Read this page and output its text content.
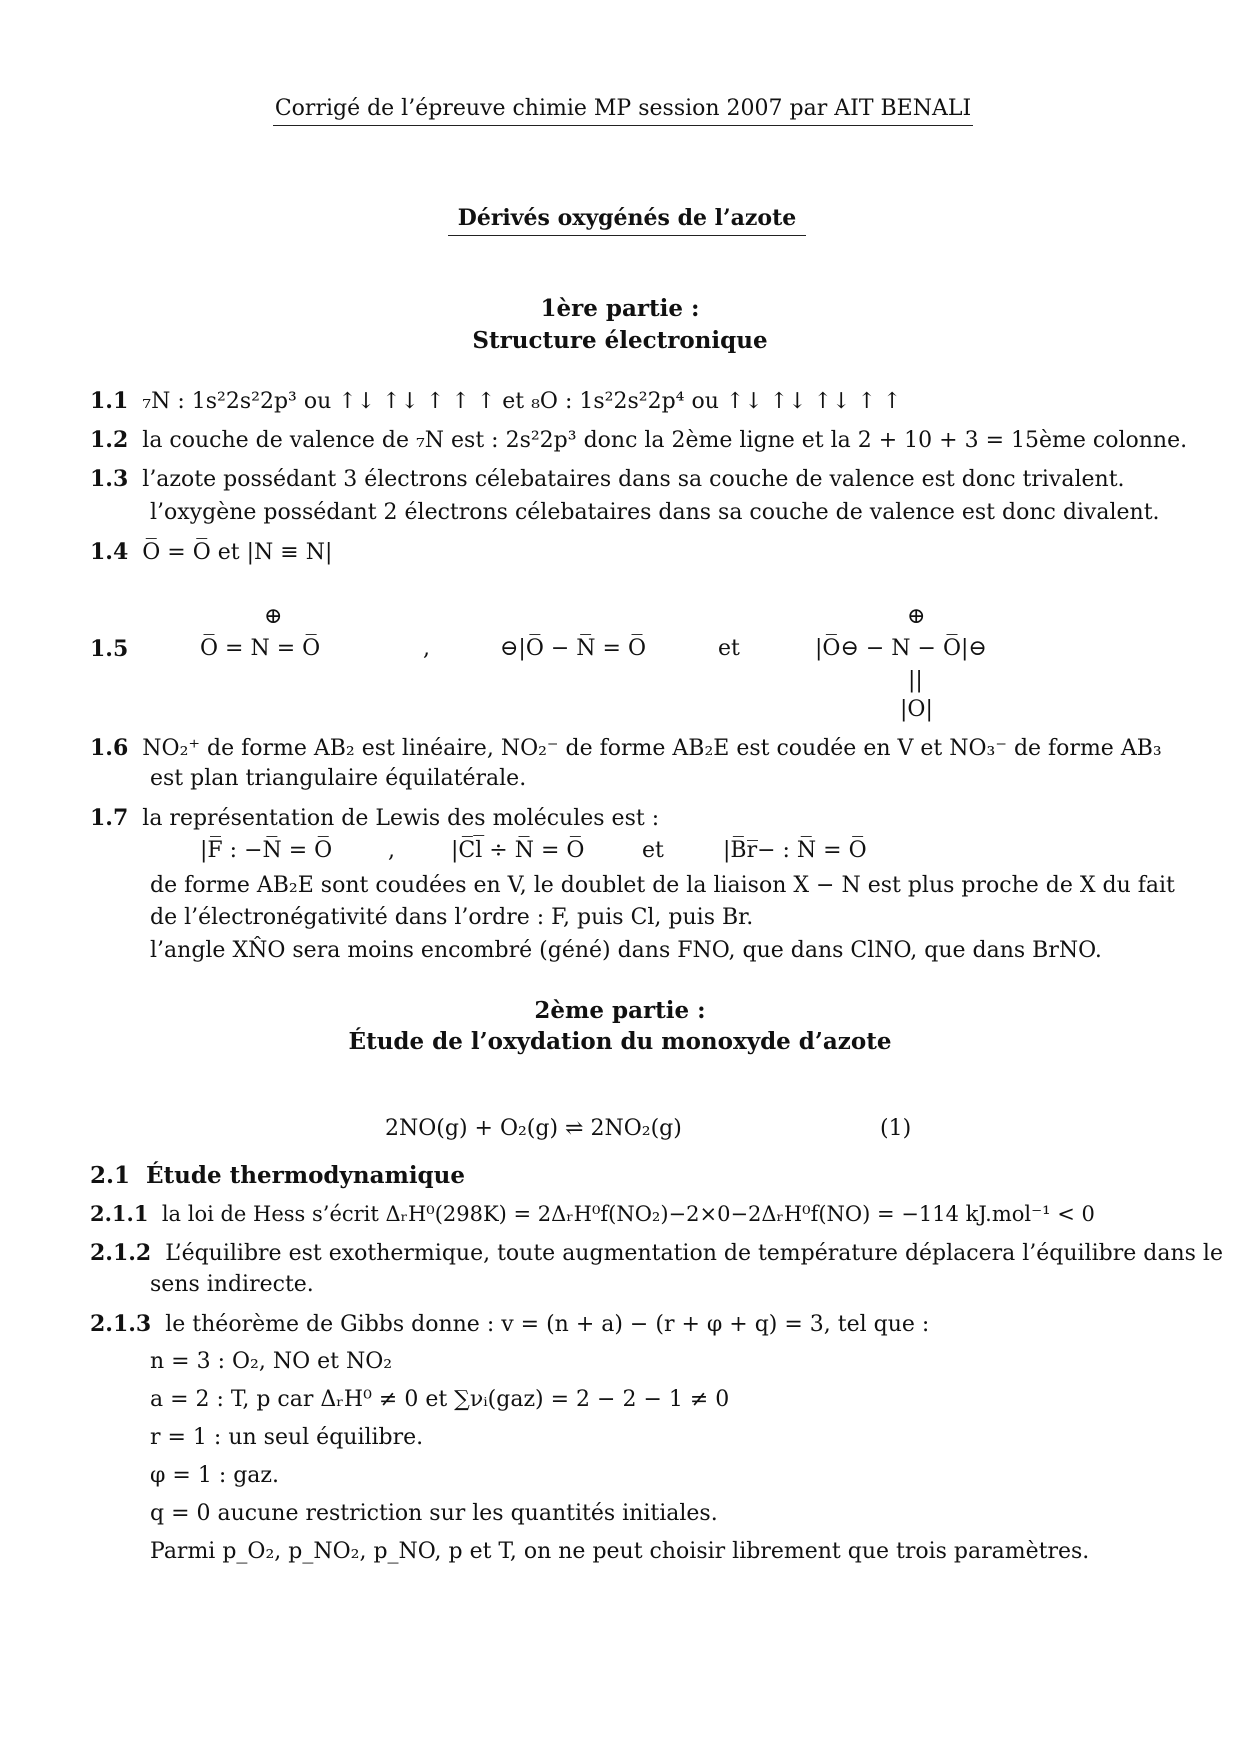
Corrigé de l’épreuve chimie MP session 2007 par AIT BENALI
Dérivés oxygénés de l’azote
1ère partie :
Structure électronique
1.1 ₇N : 1s²2s²2p³ ou ↑↓ ↑↓ ↑ ↑ ↑ et ₈O : 1s²2s²2p⁴ ou ↑↓ ↑↓ ↑↓ ↑ ↑
1.2 la couche de valence de ₇N est : 2s²2p³ donc la 2ème ligne et la 2 + 10 + 3 = 15ème colonne.
1.3 l’azote possédant 3 électrons célebataires dans sa couche de valence est donc trivalent.
l’oxygène possédant 2 électrons célebataires dans sa couche de valence est donc divalent.
1.4 O̅ = O̅ et |N ≡ N|
1.5
⊕
O̅ = N = O̅	,	⊖|O̅ − N̅ = O̅	et
⊕
|O̅⊖ − N − O̅|⊖
||
|O|
1.6 NO₂⁺ de forme AB₂ est linéaire, NO₂⁻ de forme AB₂E est coudée en V et NO₃⁻ de forme AB₃
est plan triangulaire équilatérale.
1.7 la représentation de Lewis des molécules est :
|F̅ : −N̅ = O̅	,	|C̅l̅ ÷ N̅ = O̅	et	|B̅r̅− : N̅ = O̅
de forme AB₂E sont coudées en V, le doublet de la liaison X − N est plus proche de X du fait
de l’électronégativité dans l’ordre : F, puis Cl, puis Br.
l’angle XN̂O sera moins encombré (géné) dans FNO, que dans ClNO, que dans BrNO.
2ème partie :
Étude de l’oxydation du monoxyde d’azote
2NO(g) + O₂(g) ⇌ 2NO₂(g)	(1)
2.1 Étude thermodynamique
2.1.1 la loi de Hess s’écrit ΔᵣH⁰(298K) = 2ΔᵣH⁰f(NO₂)−2×0−2ΔᵣH⁰f(NO) = −114 kJ.mol⁻¹ < 0
2.1.2 L’équilibre est exothermique, toute augmentation de température déplacera l’équilibre dans le
sens indirecte.
2.1.3 le théorème de Gibbs donne : v = (n + a) − (r + φ + q) = 3, tel que :
n = 3 : O₂, NO et NO₂
a = 2 : T, p car ΔᵣH⁰ ≠ 0 et ∑νᵢ(gaz) = 2 − 2 − 1 ≠ 0
r = 1 : un seul équilibre.
φ = 1 : gaz.
q = 0 aucune restriction sur les quantités initiales.
Parmi p_O₂, p_NO₂, p_NO, p et T, on ne peut choisir librement que trois paramètres.
